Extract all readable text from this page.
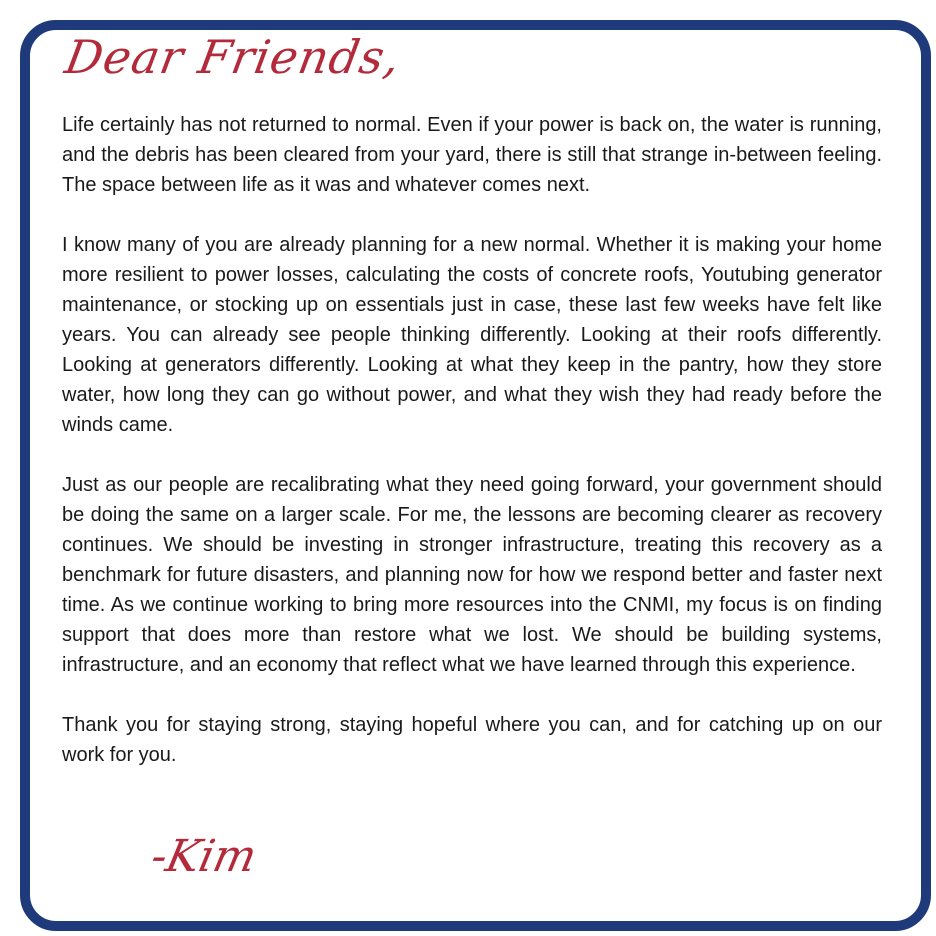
Dear Friends,

Life certainly has not returned to normal. Even if your power is back on, the water is running, and the debris has been cleared from your yard, there is still that strange in-between feeling. The space between life as it was and whatever comes next.

I know many of you are already planning for a new normal. Whether it is making your home more resilient to power losses, calculating the costs of concrete roofs, Youtubing generator maintenance, or stocking up on essentials just in case, these last few weeks have felt like years. You can already see people thinking differently. Looking at their roofs differently. Looking at generators differently. Looking at what they keep in the pantry, how they store water, how long they can go without power, and what they wish they had ready before the winds came.

Just as our people are recalibrating what they need going forward, your government should be doing the same on a larger scale. For me, the lessons are becoming clearer as recovery continues. We should be investing in stronger infrastructure, treating this recovery as a benchmark for future disasters, and planning now for how we respond better and faster next time. As we continue working to bring more resources into the CNMI, my focus is on finding support that does more than restore what we lost. We should be building systems, infrastructure, and an economy that reflect what we have learned through this experience.

Thank you for staying strong, staying hopeful where you can, and for catching up on our work for you.

-Kim
